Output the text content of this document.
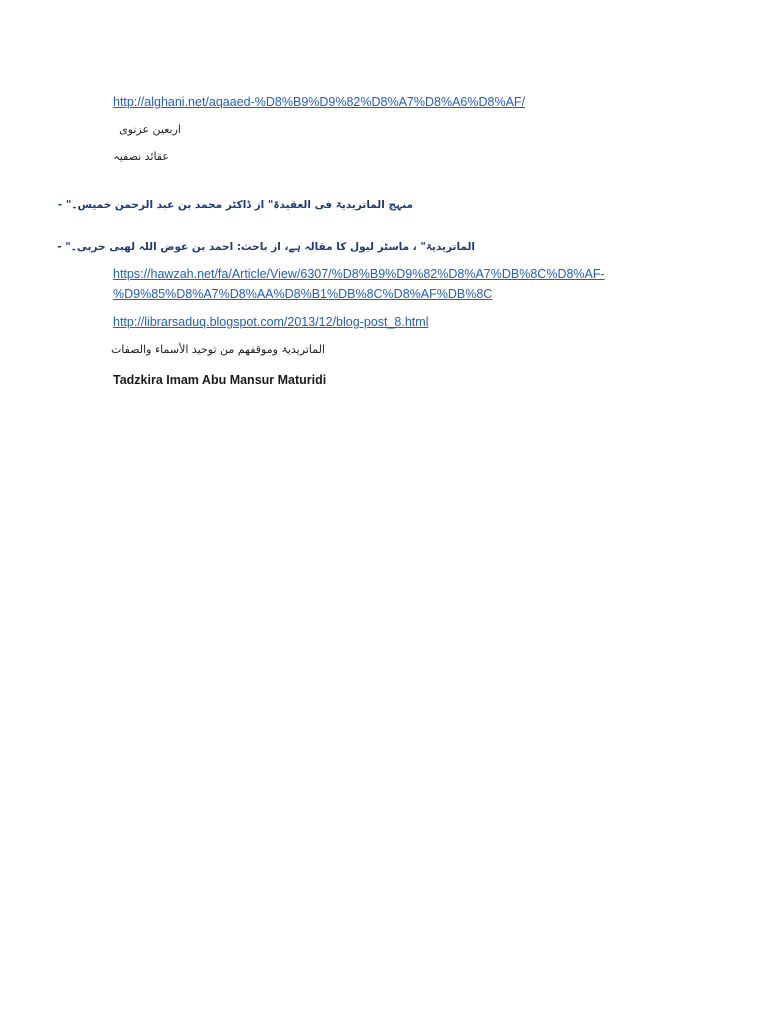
http://alghani.net/aqaaed-%D8%B9%D9%82%D8%A7%D8%A6%D8%AF/
اربعین عزنوی
عقائد نصفیہ
منہج الماتریدیۃ فی العقیدۃ" از ڈاکٹر محمد بن عبد الرحمن خمیس۔" -
الماتریدیۃ" ، ماسٹر لیول کا مقالہ ہے، از باحث: احمد بن عوض اللہ لھبی حربی۔" -
https://hawzah.net/fa/Article/View/6307/%D8%B9%D9%82%D8%A7%DB%8C%D8%AF-
%D9%85%D8%A7%D8%AA%D8%B1%DB%8C%D8%AF%DB%8C
http://librarsaduq.blogspot.com/2013/12/blog-post_8.html
الماتریدیۃ وموقفھم من توحید الأسماء والصفات
Tadzkira Imam Abu Mansur Maturidi
